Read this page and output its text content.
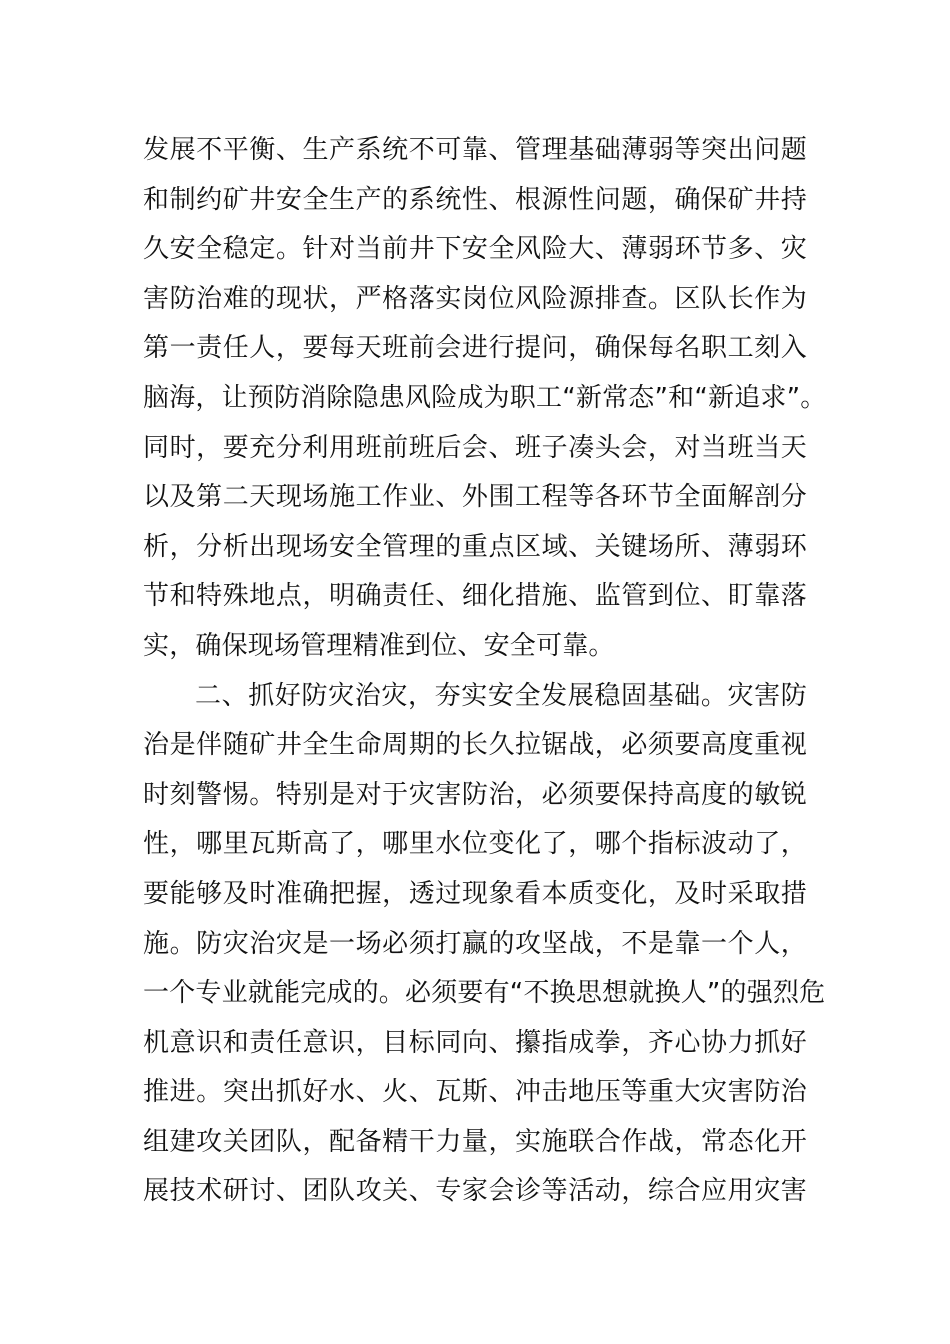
发展不平衡、生产系统不可靠、管理基础薄弱等突出问题
和制约矿井安全生产的系统性、根源性问题，确保矿井持
久安全稳定。针对当前井下安全风险大、薄弱环节多、灾
害防治难的现状，严格落实岗位风险源排查。区队长作为
第一责任人，要每天班前会进行提问，确保每名职工刻入
脑海，让预防消除隐患风险成为职工“新常态”和“新追求”。
同时，要充分利用班前班后会、班子凑头会，对当班当天
以及第二天现场施工作业、外围工程等各环节全面解剖分
析，分析出现场安全管理的重点区域、关键场所、薄弱环
节和特殊地点，明确责任、细化措施、监管到位、盯靠落
实，确保现场管理精准到位、安全可靠。
二、抓好防灾治灾，夯实安全发展稳固基础。灾害防
治是伴随矿井全生命周期的长久拉锯战，必须要高度重视
时刻警惕。特别是对于灾害防治，必须要保持高度的敏锐
性，哪里瓦斯高了，哪里水位变化了，哪个指标波动了，
要能够及时准确把握，透过现象看本质变化，及时采取措
施。防灾治灾是一场必须打赢的攻坚战，不是靠一个人，
一个专业就能完成的。必须要有“不换思想就换人”的强烈危
机意识和责任意识，目标同向、攥指成拳，齐心协力抓好
推进。突出抓好水、火、瓦斯、冲击地压等重大灾害防治
组建攻关团队，配备精干力量，实施联合作战，常态化开
展技术研讨、团队攻关、专家会诊等活动，综合应用灾害
